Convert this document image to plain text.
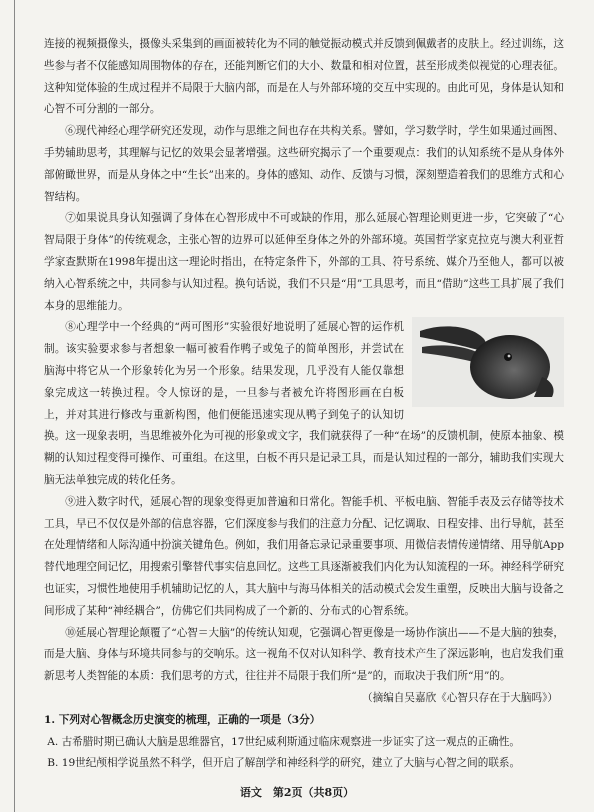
连接的视频摄像头，摄像头采集到的画面被转化为不同的触觉振动模式并反馈到佩戴者的皮肤上。经过训练，这些参与者不仅能感知周围物体的存在，还能判断它们的大小、数量和相对位置，甚至形成类似视觉的心理表征。这种知觉体验的生成过程并不局限于大脑内部，而是在人与外部环境的交互中实现的。由此可见，身体是认知和心智不可分割的一部分。

⑥现代神经心理学研究还发现，动作与思维之间也存在共构关系。譬如，学习数学时，学生如果通过画图、手势辅助思考，其理解与记忆的效果会显著增强。这些研究揭示了一个重要观点：我们的认知系统不是从身体外部俯瞰世界，而是从身体之中“生长”出来的。身体的感知、动作、反馈与习惯，深刻塑造着我们的思维方式和心智结构。

⑦如果说具身认知强调了身体在心智形成中不可或缺的作用，那么延展心智理论则更进一步，它突破了“心智局限于身体”的传统观念，主张心智的边界可以延伸至身体之外的外部环境。英国哲学家克拉克与澳大利亚哲学家查默斯在1998年提出这一理论时指出，在特定条件下，外部的工具、符号系统、媒介乃至他人，都可以被纳入心智系统之中，共同参与认知过程。换句话说，我们不只是“用”工具思考，而且“借助”这些工具扩展了我们本身的思维能力。

⑧心理学中一个经典的“两可图形”实验很好地说明了延展心智的运作机制。该实验要求参与者想象一幅可被看作鸭子或兔子的简单图形，并尝试在脑海中将它从一个形象转化为另一个形象。结果发现，几乎没有人能仅靠想象完成这一转换过程。令人惊讶的是，一旦参与者被允许将图形画在白板上，并对其进行修改与重新构图，他们便能迅速实现从鸭子到兔子的认知切换。这一现象表明，当思维被外化为可视的形象或文字，我们就获得了一种“在场”的反馈机制，使原本抽象、模糊的认知过程变得可操作、可重组。在这里，白板不再只是记录工具，而是认知过程的一部分，辅助我们实现大脑无法单独完成的转化任务。

⑨进入数字时代，延展心智的现象变得更加普遍和日常化。智能手机、平板电脑、智能手表及云存储等技术工具，早已不仅仅是外部的信息容器，它们深度参与我们的注意力分配、记忆调取、日程安排、出行导航，甚至在处理情绪和人际沟通中扮演关键角色。例如，我们用备忘录记录重要事项、用微信表情传递情绪、用导航App替代地理空间记忆，用搜索引擎替代事实信息回忆。这些工具逐渐被我们内化为认知流程的一环。神经科学研究也证实，习惯性地使用手机辅助记忆的人，其大脑中与海马体相关的活动模式会发生重塑，反映出大脑与设备之间形成了某种“神经耦合”，仿佛它们共同构成了一个新的、分布式的心智系统。

⑩延展心智理论颠覆了“心智＝大脑”的传统认知观，它强调心智更像是一场协作演出——不是大脑的独奏，而是大脑、身体与环境共同参与的交响乐。这一视角不仅对认知科学、教育技术产生了深远影响，也启发我们重新思考人类智能的本质：我们思考的方式，往往并不局限于我们所“是”的，而取决于我们所“用”的。

（摘编自吴嘉欣《心智只存在于大脑吗》）

1. 下列对心智概念历史演变的梳理，正确的一项是（3分）

A. 古希腊时期已确认大脑是思维器官，17世纪威利斯通过临床观察进一步证实了这一观点的正确性。

B. 19世纪颅相学说虽然不科学，但开启了解剖学和神经科学的研究，建立了大脑与心智之间的联系。

语文　第2页（共8页）
